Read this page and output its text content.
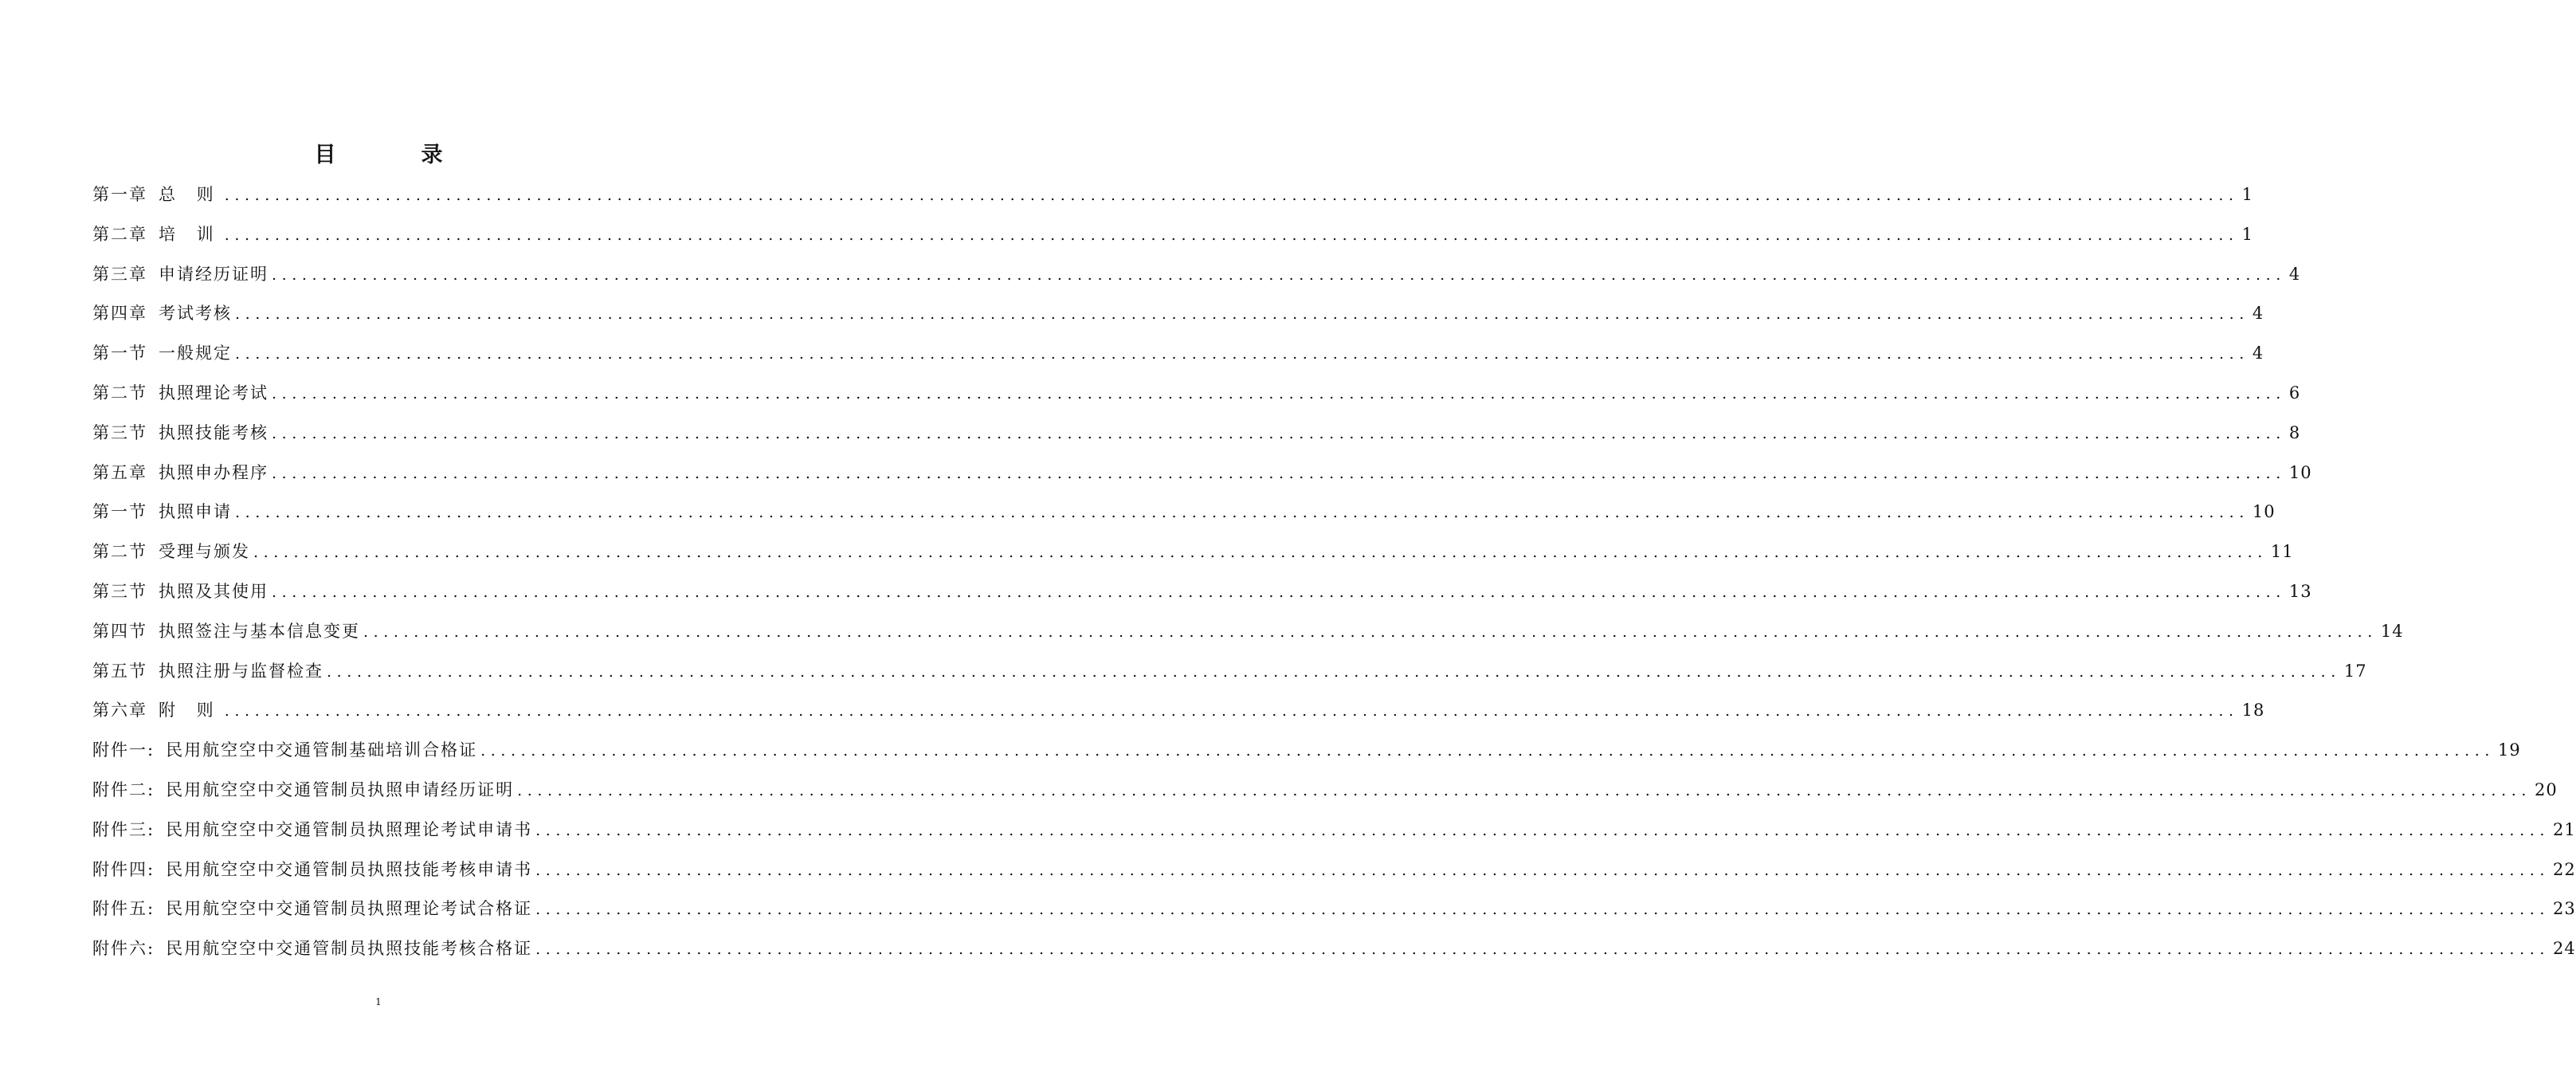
目　录
第一章 总 则 ........................................................................................................................................................................................................ 1
第二章 培 训 ........................................................................................................................................................................................................ 1
第三章 申请经历证明 ........................................................................................................................................................................................................ 4
第四章 考试考核 ........................................................................................................................................................................................................ 4
第一节 一般规定 ........................................................................................................................................................................................................ 4
第二节 执照理论考试 ........................................................................................................................................................................................................ 6
第三节 执照技能考核 ........................................................................................................................................................................................................ 8
第五章 执照申办程序 ........................................................................................................................................................................................................ 10
第一节 执照申请 ........................................................................................................................................................................................................ 10
第二节 受理与颁发 ........................................................................................................................................................................................................ 11
第三节 执照及其使用 ........................................................................................................................................................................................................ 13
第四节 执照签注与基本信息变更 ........................................................................................................................................................................................................ 14
第五节 执照注册与监督检查 ........................................................................................................................................................................................................ 17
第六章 附 则 ........................................................................................................................................................................................................ 18
附件一: 民用航空空中交通管制基础培训合格证 ........................................................................................................................................................................................................ 19
附件二: 民用航空空中交通管制员执照申请经历证明 ........................................................................................................................................................................................................ 20
附件三: 民用航空空中交通管制员执照理论考试申请书 ........................................................................................................................................................................................................ 21
附件四: 民用航空空中交通管制员执照技能考核申请书 ........................................................................................................................................................................................................ 22
附件五: 民用航空空中交通管制员执照理论考试合格证 ........................................................................................................................................................................................................ 23
附件六: 民用航空空中交通管制员执照技能考核合格证 ........................................................................................................................................................................................................ 24
1
